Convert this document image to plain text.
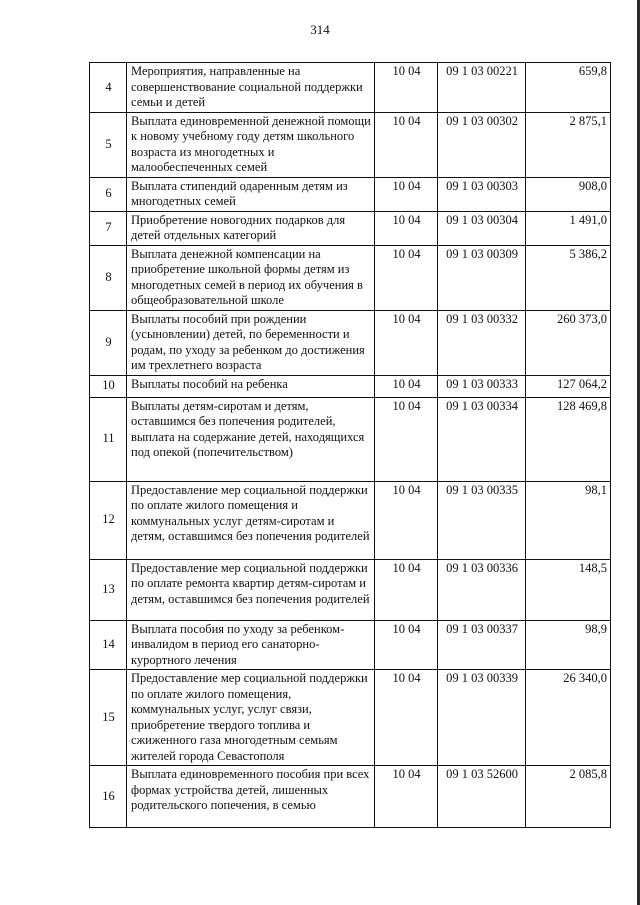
314
4	Мероприятия, направленные на совершенствование социальной поддержки семьи и детей	10 04	09 1 03 00221	659,8
5	Выплата единовременной денежной помощи к новому учебному году детям школьного возраста из многодетных и малообеспеченных семей	10 04	09 1 03 00302	2 875,1
6	Выплата стипендий одаренным детям из многодетных семей	10 04	09 1 03 00303	908,0
7	Приобретение новогодних подарков для детей отдельных категорий	10 04	09 1 03 00304	1 491,0
8	Выплата денежной компенсации на приобретение школьной формы детям из многодетных семей в период их обучения в общеобразовательной школе	10 04	09 1 03 00309	5 386,2
9	Выплаты пособий при рождении (усыновлении) детей, по беременности и родам, по уходу за ребенком до достижения им трехлетнего возраста	10 04	09 1 03 00332	260 373,0
10	Выплаты пособий на ребенка	10 04	09 1 03 00333	127 064,2
11	Выплаты детям-сиротам и детям, оставшимся без попечения родителей, выплата на содержание детей, находящихся под опекой (попечительством)	10 04	09 1 03 00334	128 469,8
12	Предоставление мер социальной поддержки по оплате жилого помещения и коммунальных услуг детям-сиротам и детям, оставшимся без попечения родителей	10 04	09 1 03 00335	98,1
13	Предоставление мер социальной поддержки по оплате ремонта квартир детям-сиротам и детям, оставшимся без попечения родителей	10 04	09 1 03 00336	148,5
14	Выплата пособия по уходу за ребенком-инвалидом в период его санаторно-курортного лечения	10 04	09 1 03 00337	98,9
15	Предоставление мер социальной поддержки по оплате жилого помещения, коммунальных услуг, услуг связи, приобретение твердого топлива и сжиженного газа многодетным семьям жителей города Севастополя	10 04	09 1 03 00339	26 340,0
16	Выплата единовременного пособия при всех формах устройства детей, лишенных родительского попечения, в семью	10 04	09 1 03 52600	2 085,8
